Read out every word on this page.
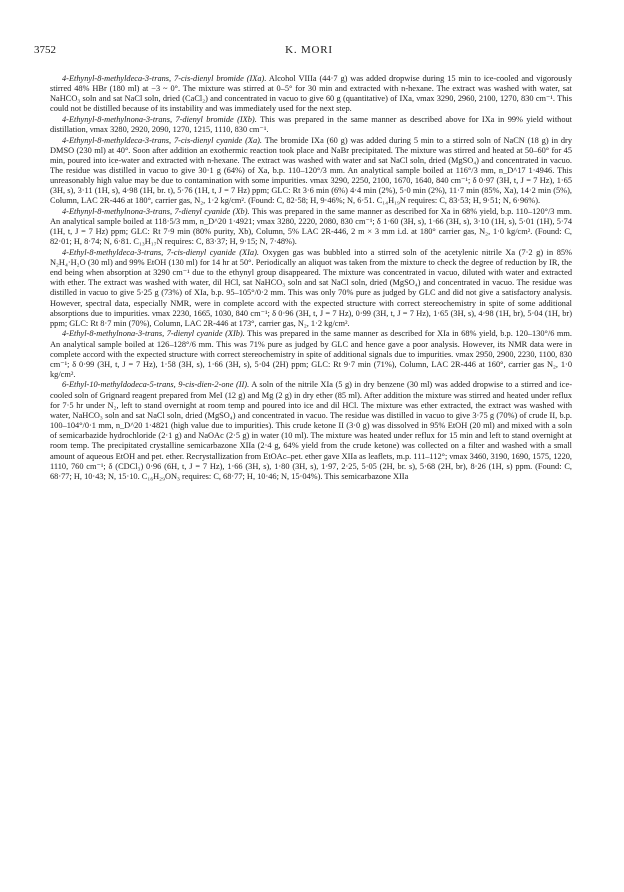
3752	K. MORI

4-Ethynyl-8-methyldeca-3-trans, 7-cis-dienyl bromide (IXa). Alcohol VIIIa (44·7 g) was added dropwise during 15 min to ice-cooled and vigorously stirred 48% HBr (180 ml) at −3 ~ 0°. The mixture was stirred at 0–5° for 30 min and extracted with n-hexane. The extract was washed with water, sat NaHCO₃ soln and sat NaCl soln, dried (CaCl₂) and concentrated in vacuo to give 60 g (quantitative) of IXa, νmax 3290, 2960, 2100, 1270, 830 cm⁻¹. This could not be distilled because of its instability and was immediately used for the next step.

4-Ethynyl-8-methylnona-3-trans, 7-dienyl bromide (IXb). This was prepared in the same manner as described above for IXa in 99% yield without distillation, νmax 3280, 2920, 2090, 1270, 1215, 1110, 830 cm⁻¹.

4-Ethynyl-8-methyldeca-3-trans, 7-cis-dienyl cyanide (Xa). The bromide IXa (60 g) was added during 5 min to a stirred soln of NaCN (18 g) in dry DMSO (230 ml) at 40°. Soon after addition an exothermic reaction took place and NaBr precipitated. The mixture was stirred and heated at 50–60° for 45 min, poured into ice-water and extracted with n-hexane. The extract was washed with water and sat NaCl soln, dried (MgSO₄) and concentrated in vacuo. The residue was distilled in vacuo to give 30·1 g (64%) of Xa, b.p. 110–120°/3 mm. An analytical sample boiled at 116°/3 mm, n_D^17 1·4946. This unreasonably high value may be due to contamination with some impurities. νmax 3290, 2250, 2100, 1670, 1640, 840 cm⁻¹; δ 0·97 (3H, t, J = 7 Hz), 1·65 (3H, s), 3·11 (1H, s), 4·98 (1H, br. t), 5·76 (1H, t, J = 7 Hz) ppm; GLC: Rt 3·6 min (6%) 4·4 min (2%), 5·0 min (2%), 11·7 min (85%, Xa), 14·2 min (5%), Column, LAC 2R-446 at 180°, carrier gas, N₂, 1·2 kg/cm². (Found: C, 82·58; H, 9·46%; N, 6·51. C₁₄H₁₉N requires: C, 83·53; H, 9·51; N, 6·96%).

4-Ethynyl-8-methylnona-3-trans, 7-dienyl cyanide (Xb). This was prepared in the same manner as described for Xa in 68% yield, b.p. 110–120°/3 mm. An analytical sample boiled at 118·5/3 mm, n_D^20 1·4921; νmax 3280, 2220, 2080, 830 cm⁻¹; δ 1·60 (3H, s), 1·66 (3H, s), 3·10 (1H, s), 5·01 (1H), 5·74 (1H, t, J = 7 Hz) ppm; GLC: Rt 7·9 min (80% purity, Xb), Column, 5% LAC 2R-446, 2 m × 3 mm i.d. at 180° carrier gas, N₂, 1·0 kg/cm². (Found: C, 82·01; H, 8·74; N, 6·81. C₁₃H₁₇N requires: C, 83·37; H, 9·15; N, 7·48%).

4-Ethyl-8-methyldeca-3-trans, 7-cis-dienyl cyanide (XIa). Oxygen gas was bubbled into a stirred soln of the acetylenic nitrile Xa (7·2 g) in 85% N₂H₄·H₂O (30 ml) and 99% EtOH (130 ml) for 14 hr at 50°. Periodically an aliquot was taken from the mixture to check the degree of reduction by IR, the end being when absorption at 3290 cm⁻¹ due to the ethynyl group disappeared. The mixture was concentrated in vacuo, diluted with water and extracted with ether. The extract was washed with water, dil HCl, sat NaHCO₃ soln and sat NaCl soln, dried (MgSO₄) and concentrated in vacuo. The residue was distilled in vacuo to give 5·25 g (73%) of XIa, b.p. 95–105°/0·2 mm. This was only 70% pure as judged by GLC and did not give a satisfactory analysis. However, spectral data, especially NMR, were in complete accord with the expected structure with correct stereochemistry in spite of some additional absorptions due to impurities. νmax 2230, 1665, 1030, 840 cm⁻¹; δ 0·96 (3H, t, J = 7 Hz), 0·99 (3H, t, J = 7 Hz), 1·65 (3H, s), 4·98 (1H, br), 5·04 (1H, br) ppm; GLC: Rt 8·7 min (70%), Column, LAC 2R-446 at 173°, carrier gas, N₂, 1·2 kg/cm².

4-Ethyl-8-methylnona-3-trans, 7-dienyl cyanide (XIb). This was prepared in the same manner as described for XIa in 68% yield, b.p. 120–130°/6 mm. An analytical sample boiled at 126–128°/6 mm. This was 71% pure as judged by GLC and hence gave a poor analysis. However, its NMR data were in complete accord with the expected structure with correct stereochemistry in spite of additional signals due to impurities. νmax 2950, 2900, 2230, 1100, 830 cm⁻¹; δ 0·99 (3H, t, J = 7 Hz), 1·58 (3H, s), 1·66 (3H, s), 5·04 (2H) ppm; GLC: Rt 9·7 min (71%), Column, LAC 2R-446 at 160°, carrier gas N₂, 1·0 kg/cm².

6-Ethyl-10-methyldodeca-5-trans, 9-cis-dien-2-one (II). A soln of the nitrile XIa (5 g) in dry benzene (30 ml) was added dropwise to a stirred and ice-cooled soln of Grignard reagent prepared from MeI (12 g) and Mg (2 g) in dry ether (85 ml). After addition the mixture was stirred and heated under reflux for 7·5 hr under N₂, left to stand overnight at room temp and poured into ice and dil HCl. The mixture was ether extracted, the extract was washed with water, NaHCO₃ soln and sat NaCl soln, dried (MgSO₄) and concentrated in vacuo. The residue was distilled in vacuo to give 3·75 g (70%) of crude II, b.p. 100–104°/0·1 mm, n_D^20 1·4821 (high value due to impurities). This crude ketone II (3·0 g) was dissolved in 95% EtOH (20 ml) and mixed with a soln of semicarbazide hydrochloride (2·1 g) and NaOAc (2·5 g) in water (10 ml). The mixture was heated under reflux for 15 min and left to stand overnight at room temp. The precipitated crystalline semicarbazone XIIa (2·4 g, 64% yield from the crude ketone) was collected on a filter and washed with a small amount of aqueous EtOH and pet. ether. Recrystallization from EtOAc–pet. ether gave XIIa as leaflets, m.p. 111–112°; νmax 3460, 3190, 1690, 1575, 1220, 1110, 760 cm⁻¹; δ (CDCl₃) 0·96 (6H, t, J = 7 Hz), 1·66 (3H, s), 1·80 (3H, s), 1·97, 2·25, 5·05 (2H, br. s), 5·68 (2H, br), 8·26 (1H, s) ppm. (Found: C, 68·77; H, 10·43; N, 15·10. C₁₆H₂₉ON₃ requires: C, 68·77; H, 10·46; N, 15·04%). This semicarbazone XIIa
